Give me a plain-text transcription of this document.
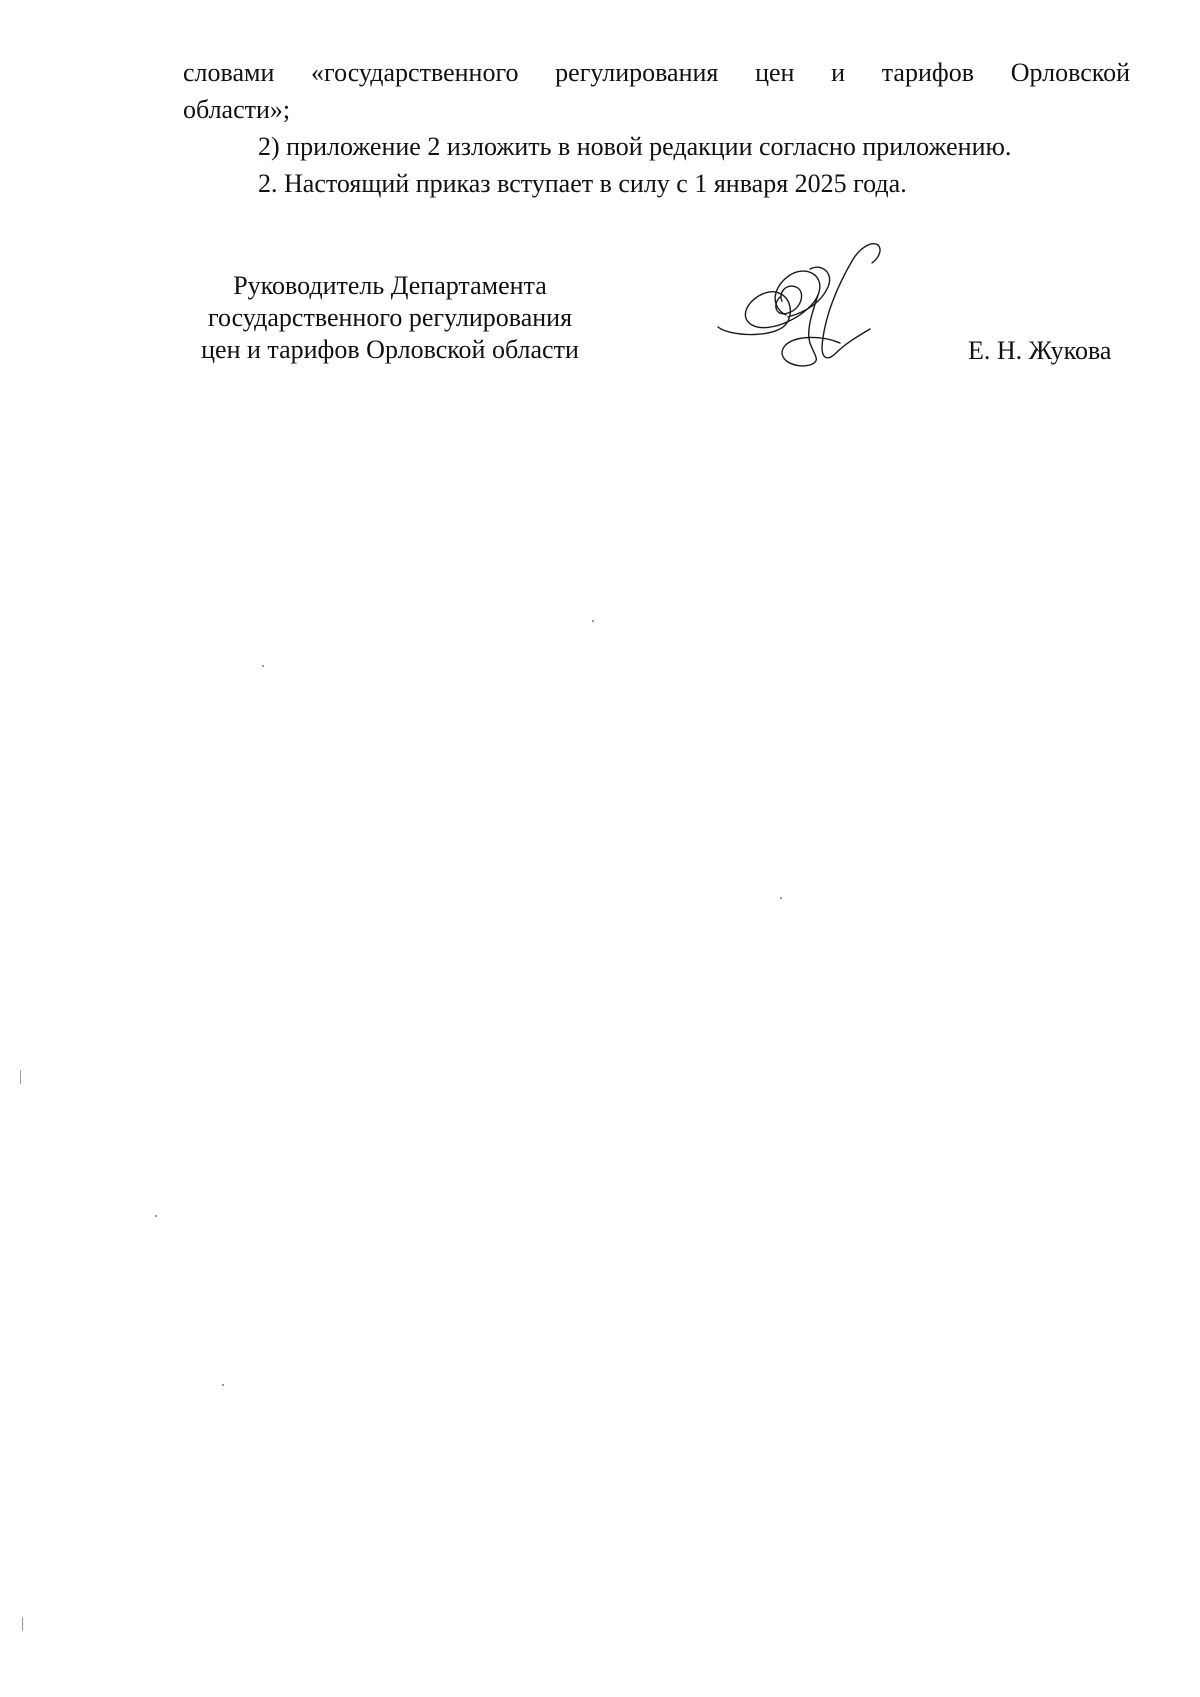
словами «государственного регулирования цен и тарифов Орловской

области»;

2) приложение 2 изложить в новой редакции согласно приложению.

2. Настоящий приказ вступает в силу с 1 января 2025 года.

Руководитель Департамента
государственного регулирования
цен и тарифов Орловской области	Е. Н. Жукова
